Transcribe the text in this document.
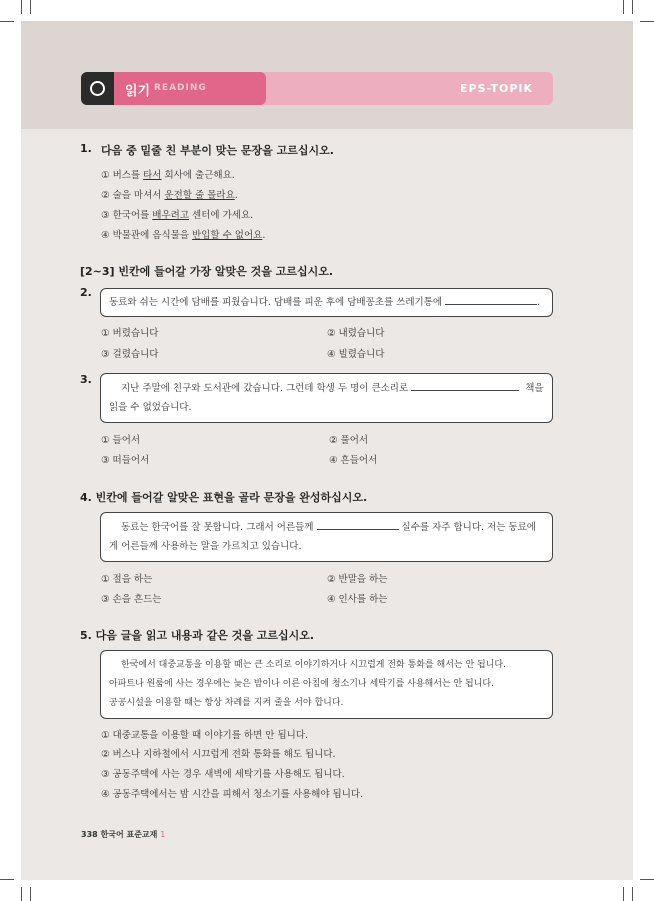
읽기 READING	EPS-TOPIK
1. 다음 중 밑줄 친 부분이 맞는 문장을 고르십시오.
① 버스를 타서 회사에 출근해요.
② 술을 마셔서 운전할 줄 몰라요.
③ 한국어를 배우려고 센터에 가세요.
④ 박물관에 음식물을 반입할 수 없어요.
[2~3] 빈칸에 들어갈 가장 알맞은 것을 고르십시오.
2.
동료와 쉬는 시간에 담배를 피웠습니다. 담배를 피운 후에 담배꽁초를 쓰레기통에	.
① 버렸습니다	② 내렸습니다
③ 걸렸습니다	④ 빌렸습니다
3.
지난 주말에 친구와 도서관에 갔습니다. 그런데 학생 두 명이 큰소리로	책을
읽을 수 없었습니다.
① 들어서	② 풀어서
③ 떠들어서	④ 흔들어서
4. 빈칸에 들어갈 알맞은 표현을 골라 문장을 완성하십시오.
동료는 한국어를 잘 못합니다. 그래서 어른들께	실수를 자주 합니다. 저는 동료에
게 어른들께 사용하는 말을 가르치고 있습니다.
① 절을 하는	② 반말을 하는
③ 손을 흔드는	④ 인사를 하는
5. 다음 글을 읽고 내용과 같은 것을 고르십시오.
한국에서 대중교통을 이용할 때는 큰 소리로 이야기하거나 시끄럽게 전화 통화를 해서는 안 됩니다.
아파트나 원룸에 사는 경우에는 늦은 밤이나 이른 아침에 청소기나 세탁기를 사용해서는 안 됩니다.
공공시설을 이용할 때는 항상 차례를 지켜 줄을 서야 합니다.
① 대중교통을 이용할 때 이야기를 하면 안 됩니다.
② 버스나 지하철에서 시끄럽게 전화 통화를 해도 됩니다.
③ 공동주택에 사는 경우 새벽에 세탁기를 사용해도 됩니다.
④ 공동주택에서는 밤 시간을 피해서 청소기를 사용해야 됩니다.
338 한국어 표준교재 1
